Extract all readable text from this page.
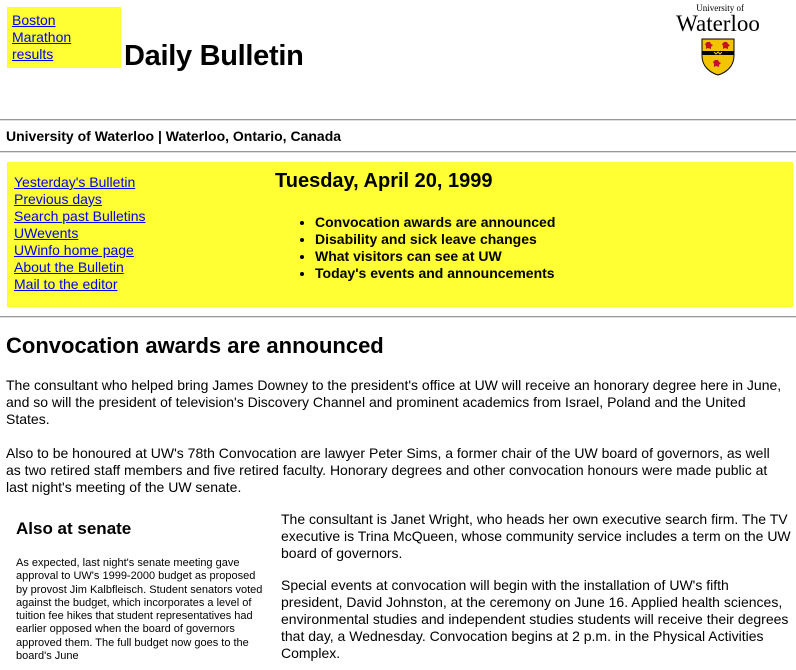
Boston
Marathon
results	Daily Bulletin
University of
Waterloo
University of Waterloo | Waterloo, Ontario, Canada
Yesterday's Bulletin
Previous days
Search past Bulletins
UWevents
UWinfo home page
About the Bulletin
Mail to the editor
Tuesday, April 20, 1999
• Convocation awards are announced
• Disability and sick leave changes
• What visitors can see at UW
• Today's events and announcements
Convocation awards are announced

The consultant who helped bring James Downey to the president's office at UW will receive an honorary degree here in June, and so will the president of television's Discovery Channel and prominent academics from Israel, Poland and the United States.

Also to be honoured at UW's 78th Convocation are lawyer Peter Sims, a former chair of the UW board of governors, as well as two retired staff members and five retired faculty. Honorary degrees and other convocation honours were made public at last night's meeting of the UW senate.

Also at senate

As expected, last night's senate meeting gave approval to UW's 1999-2000 budget as proposed by provost Jim Kalbfleisch. Student senators voted against the budget, which incorporates a level of tuition fee hikes that student representatives had earlier opposed when the board of governors approved them. The full budget now goes to the board's June

The consultant is Janet Wright, who heads her own executive search firm. The TV executive is Trina McQueen, whose community service includes a term on the UW board of governors.

Special events at convocation will begin with the installation of UW's fifth president, David Johnston, at the ceremony on June 16. Applied health sciences, environmental studies and independent studies students will receive their degrees that day, a Wednesday. Convocation begins at 2 p.m. in the Physical Activities Complex.
